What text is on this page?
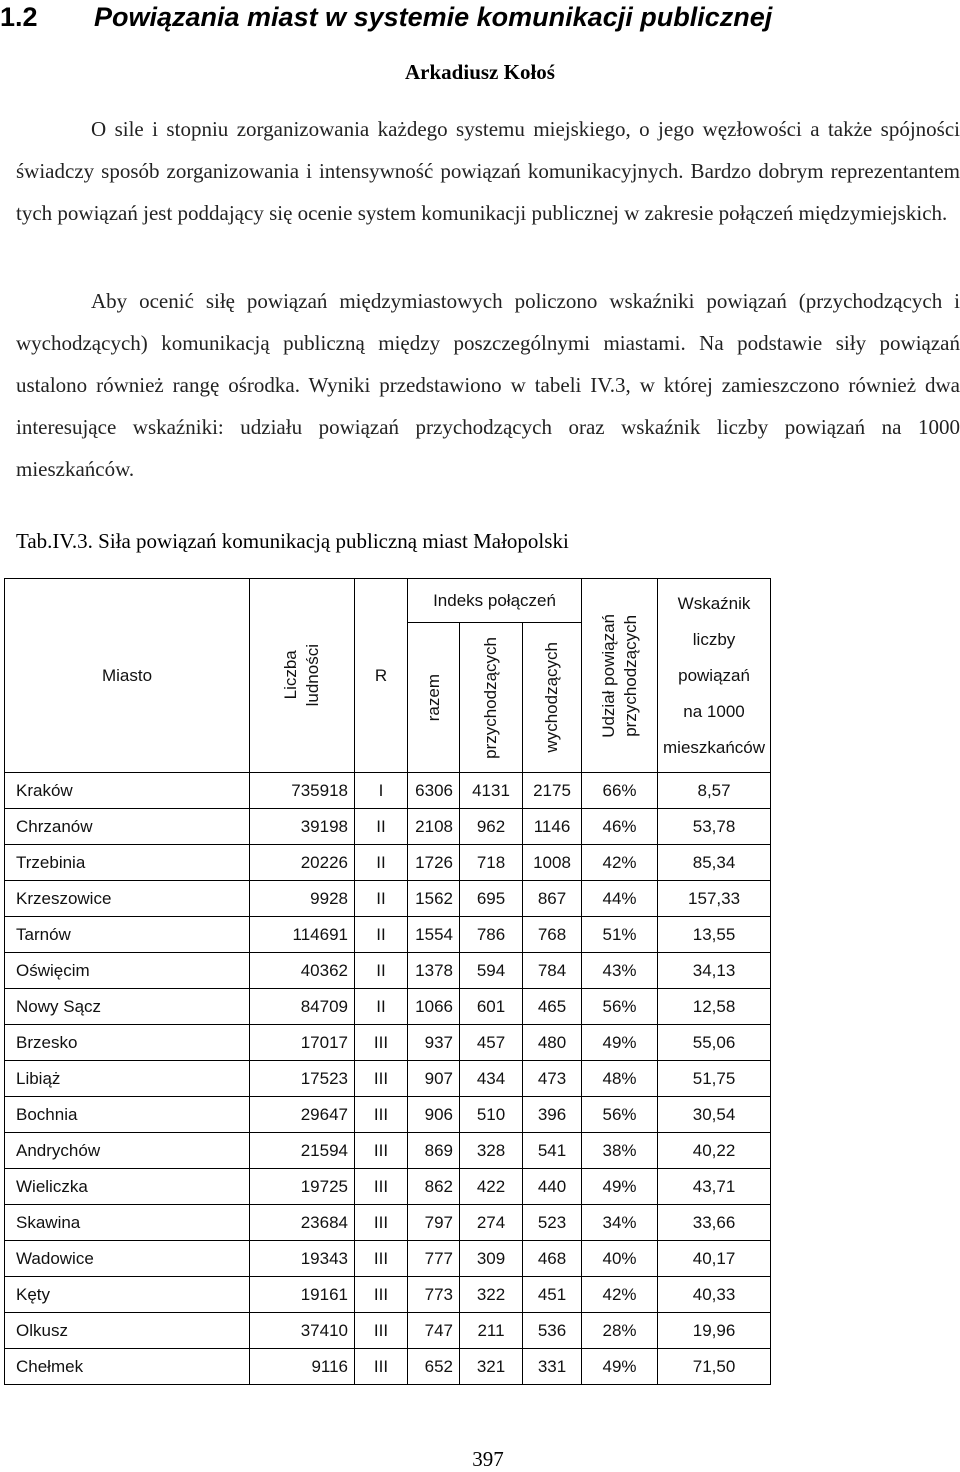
1.2 Powiązania miast w systemie komunikacji publicznej
Arkadiusz Kołoś
O sile i stopniu zorganizowania każdego systemu miejskiego, o jego węzłowości a także spójności świadczy sposób zorganizowania i intensywność powiązań komunikacyjnych. Bardzo dobrym reprezentantem tych powiązań jest poddający się ocenie system komunikacji publicznej w zakresie połączeń międzymiejskich.
Aby ocenić siłę powiązań międzymiastowych policzono wskaźniki powiązań (przychodzących i wychodzących) komunikacją publiczną między poszczególnymi miastami. Na podstawie siły powiązań ustalono również rangę ośrodka. Wyniki przedstawiono w tabeli IV.3, w której zamieszczono również dwa interesujące wskaźniki: udziału powiązań przychodzących oraz wskaźnik liczby powiązań na 1000 mieszkańców.
Tab.IV.3. Siła powiązań komunikacją publiczną miast Małopolski
Miasto	Liczba ludności	R	Indeks połączeń			Udział powiązań przychodzących	Wskaźnik
liczby
powiązań
na 1000
mieszkańców

			razem	przychodzących	wychodzących		

Kraków	735918	I	6306	4131	2175	66%	8,57
Chrzanów	39198	II	2108	962	1146	46%	53,78
Trzebinia	20226	II	1726	718	1008	42%	85,34
Krzeszowice	9928	II	1562	695	867	44%	157,33
Tarnów	114691	II	1554	786	768	51%	13,55
Oświęcim	40362	II	1378	594	784	43%	34,13
Nowy Sącz	84709	II	1066	601	465	56%	12,58
Brzesko	17017	III	937	457	480	49%	55,06
Libiąż	17523	III	907	434	473	48%	51,75
Bochnia	29647	III	906	510	396	56%	30,54
Andrychów	21594	III	869	328	541	38%	40,22
Wieliczka	19725	III	862	422	440	49%	43,71
Skawina	23684	III	797	274	523	34%	33,66
Wadowice	19343	III	777	309	468	40%	40,17
Kęty	19161	III	773	322	451	42%	40,33
Olkusz	37410	III	747	211	536	28%	19,96
Chełmek	9116	III	652	321	331	49%	71,50
397
